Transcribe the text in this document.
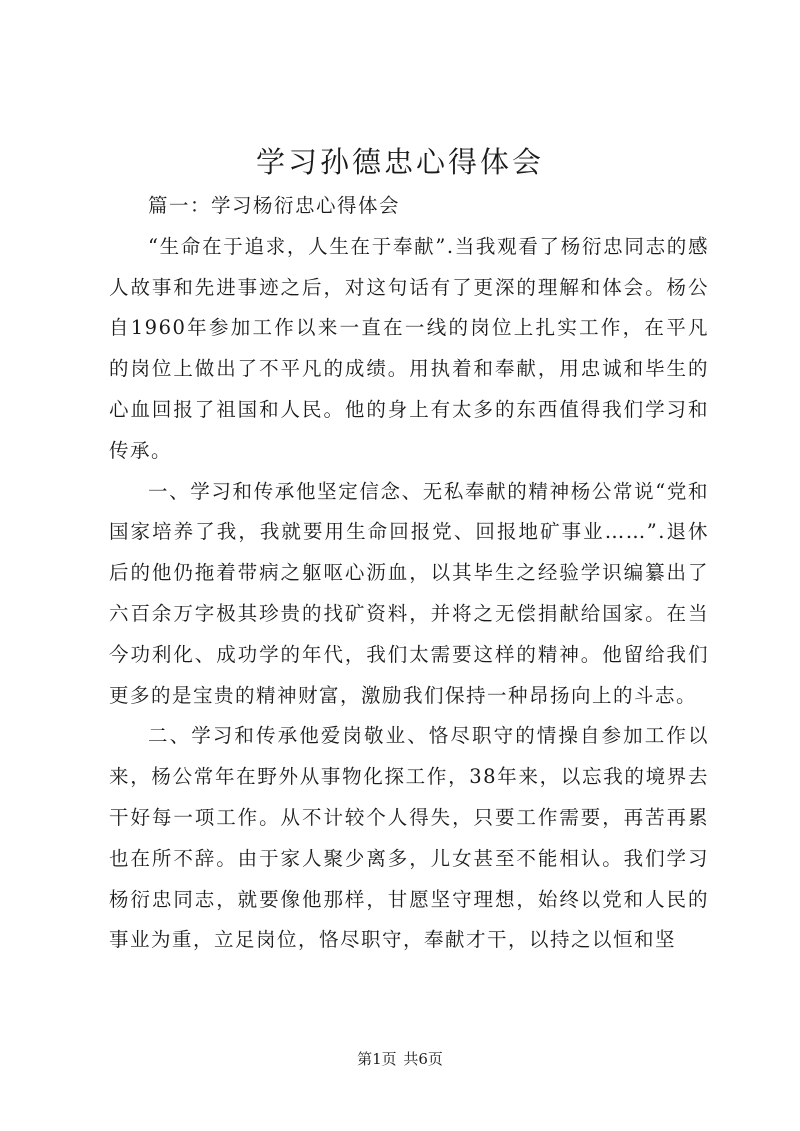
学习孙德忠心得体会

篇一：学习杨衍忠心得体会

“生命在于追求，人生在于奉献”.当我观看了杨衍忠同志的感人故事和先进事迹之后，对这句话有了更深的理解和体会。杨公自1960年参加工作以来一直在一线的岗位上扎实工作，在平凡的岗位上做出了不平凡的成绩。用执着和奉献，用忠诚和毕生的心血回报了祖国和人民。他的身上有太多的东西值得我们学习和传承。

一、学习和传承他坚定信念、无私奉献的精神杨公常说“党和国家培养了我，我就要用生命回报党、回报地矿事业……”.退休后的他仍拖着带病之躯呕心沥血，以其毕生之经验学识编纂出了六百余万字极其珍贵的找矿资料，并将之无偿捐献给国家。在当今功利化、成功学的年代，我们太需要这样的精神。他留给我们更多的是宝贵的精神财富，激励我们保持一种昂扬向上的斗志。

二、学习和传承他爱岗敬业、恪尽职守的情操自参加工作以来，杨公常年在野外从事物化探工作，38年来，以忘我的境界去干好每一项工作。从不计较个人得失，只要工作需要，再苦再累也在所不辞。由于家人聚少离多，儿女甚至不能相认。我们学习杨衍忠同志，就要像他那样，甘愿坚守理想，始终以党和人民的事业为重，立足岗位，恪尽职守，奉献才干，以持之以恒和坚

第1页 共6页
